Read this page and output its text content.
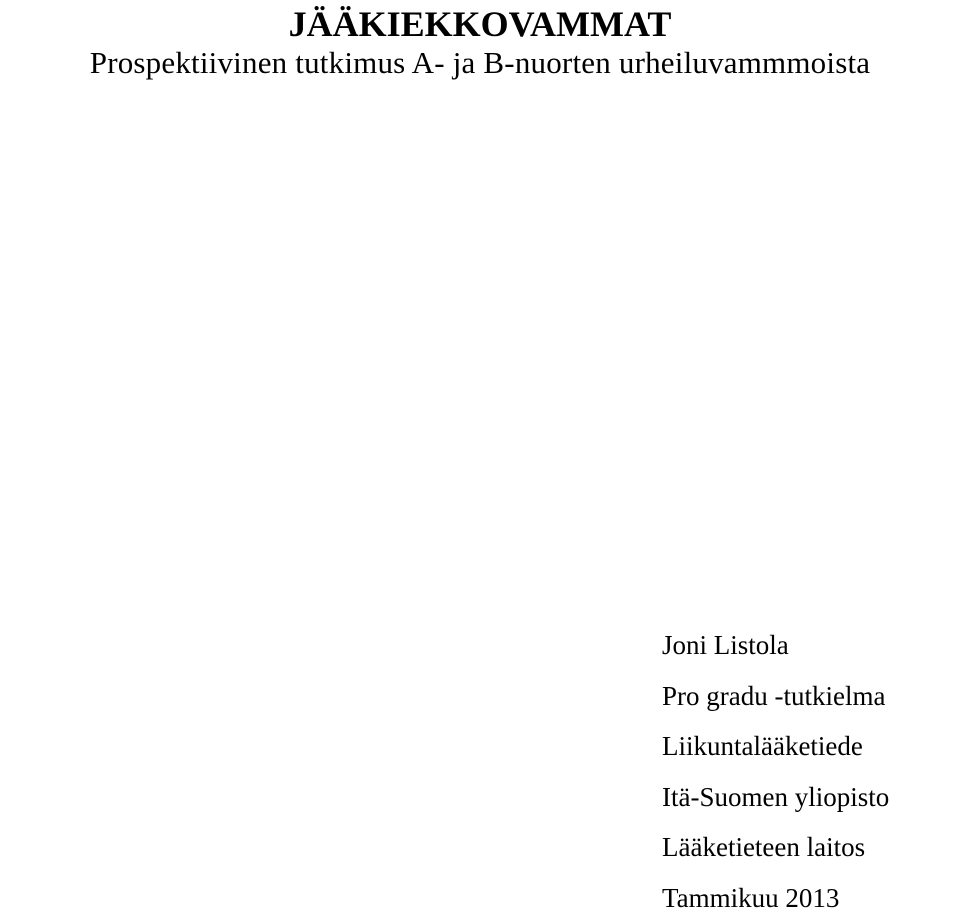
JÄÄKIEKKOVAMMAT
Prospektiivinen tutkimus A- ja B-nuorten urheiluvammmoista
Joni Listola
Pro gradu -tutkielma
Liikuntalääketiede
Itä-Suomen yliopisto
Lääketieteen laitos
Tammikuu 2013
